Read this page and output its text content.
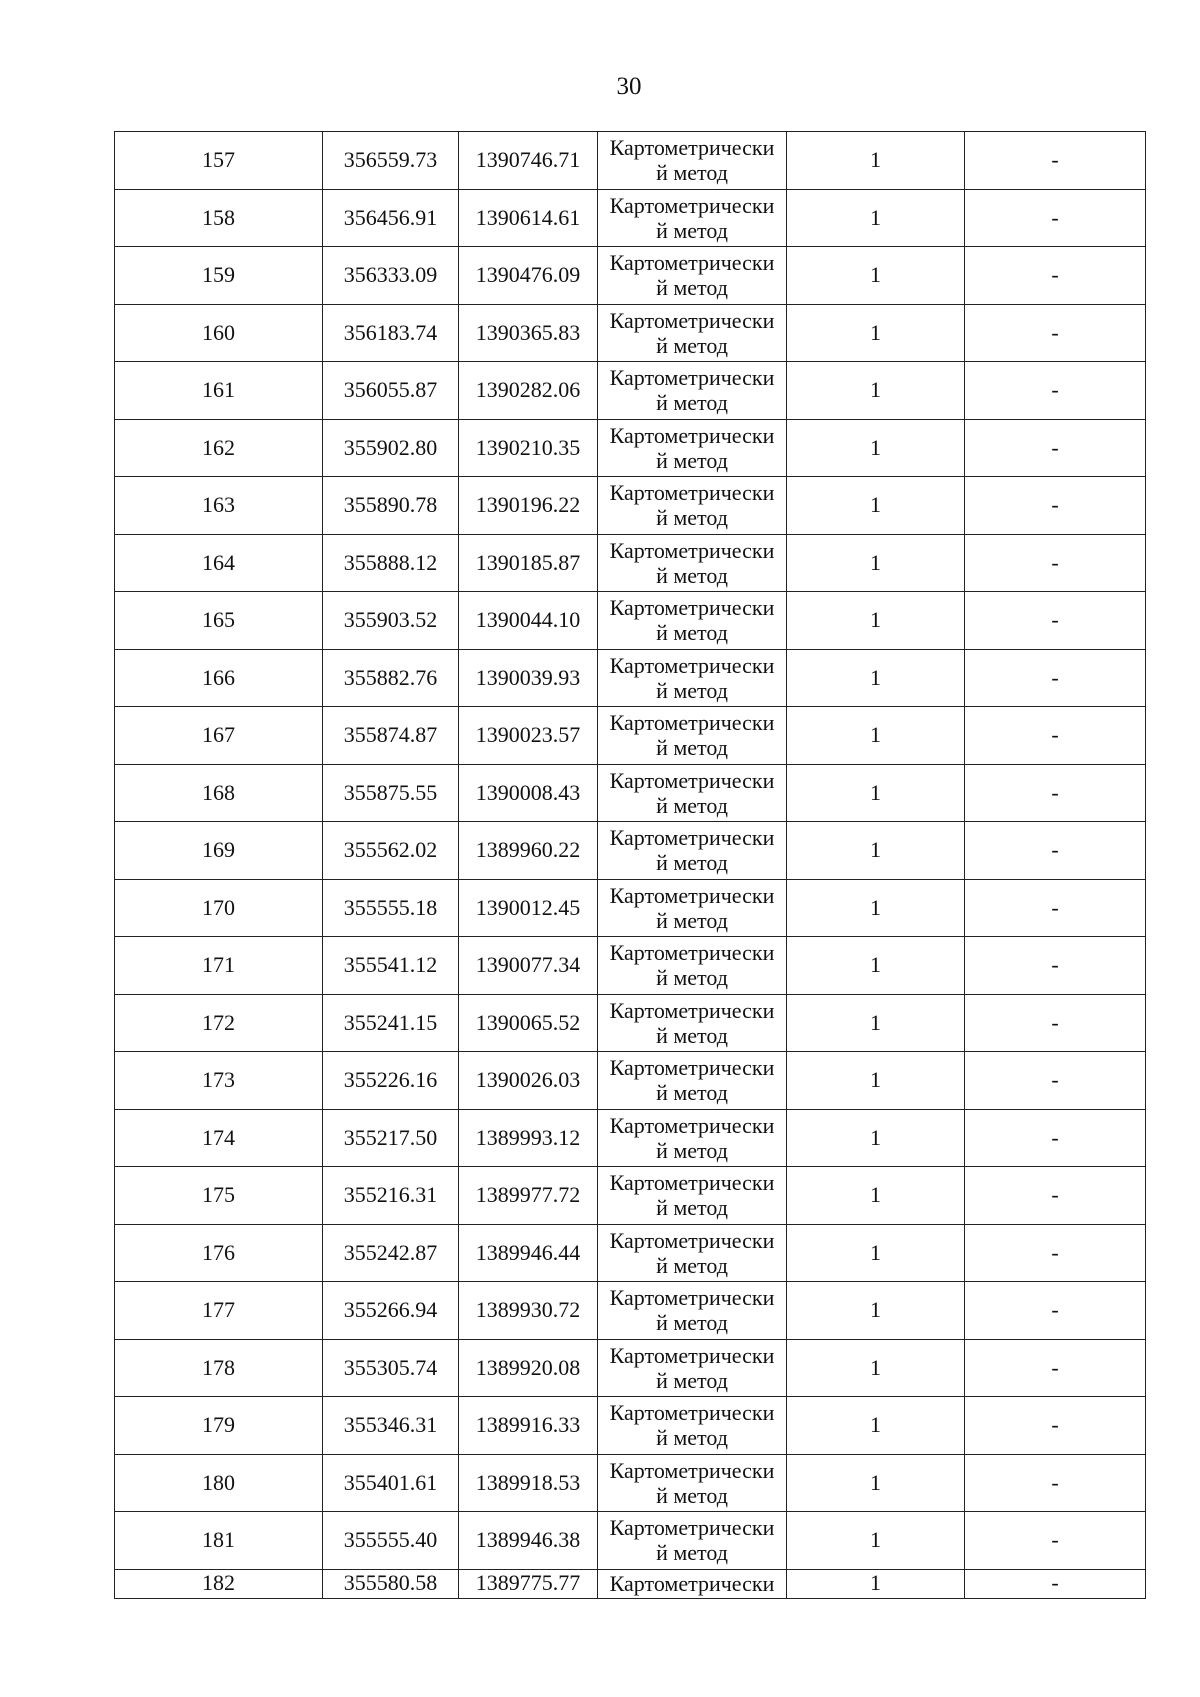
30
157	356559.73	1390746.71	Картометрически
й метод	1	-
158	356456.91	1390614.61	Картометрически
й метод	1	-
159	356333.09	1390476.09	Картометрически
й метод	1	-
160	356183.74	1390365.83	Картометрически
й метод	1	-
161	356055.87	1390282.06	Картометрически
й метод	1	-
162	355902.80	1390210.35	Картометрически
й метод	1	-
163	355890.78	1390196.22	Картометрически
й метод	1	-
164	355888.12	1390185.87	Картометрически
й метод	1	-
165	355903.52	1390044.10	Картометрически
й метод	1	-
166	355882.76	1390039.93	Картометрически
й метод	1	-
167	355874.87	1390023.57	Картометрически
й метод	1	-
168	355875.55	1390008.43	Картометрически
й метод	1	-
169	355562.02	1389960.22	Картометрически
й метод	1	-
170	355555.18	1390012.45	Картометрически
й метод	1	-
171	355541.12	1390077.34	Картометрически
й метод	1	-
172	355241.15	1390065.52	Картометрически
й метод	1	-
173	355226.16	1390026.03	Картометрически
й метод	1	-
174	355217.50	1389993.12	Картометрически
й метод	1	-
175	355216.31	1389977.72	Картометрически
й метод	1	-
176	355242.87	1389946.44	Картометрически
й метод	1	-
177	355266.94	1389930.72	Картометрически
й метод	1	-
178	355305.74	1389920.08	Картометрически
й метод	1	-
179	355346.31	1389916.33	Картометрически
й метод	1	-
180	355401.61	1389918.53	Картометрически
й метод	1	-
181	355555.40	1389946.38	Картометрически
й метод	1	-
182	355580.58	1389775.77	Картометрически	1	-
